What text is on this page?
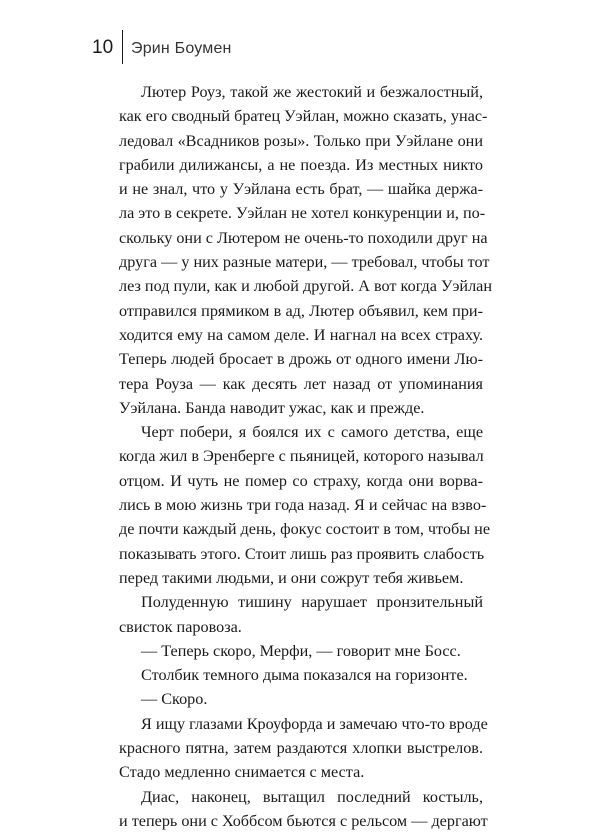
10 Эрин Боумен
Лютер Роуз, такой же жестокий и безжалостный,
как его сводный братец Уэйлан, можно сказать, унас-
ледовал «Всадников розы». Только при Уэйлане они
грабили дилижансы, а не поезда. Из местных никто
и не знал, что у Уэйлана есть брат, — шайка держа-
ла это в секрете. Уэйлан не хотел конкуренции и, по-
скольку они с Лютером не очень-то походили друг на
друга — у них разные матери, — требовал, чтобы тот
лез под пули, как и любой другой. А вот когда Уэйлан
отправился прямиком в ад, Лютер объявил, кем при-
ходится ему на самом деле. И нагнал на всех страху.
Теперь людей бросает в дрожь от одного имени Лю-
тера Роуза — как десять лет назад от упоминания
Уэйлана. Банда наводит ужас, как и прежде.
Черт побери, я боялся их с самого детства, еще
когда жил в Эренберге с пьяницей, которого называл
отцом. И чуть не помер со страху, когда они ворва-
лись в мою жизнь три года назад. Я и сейчас на взво-
де почти каждый день, фокус состоит в том, чтобы не
показывать этого. Стоит лишь раз проявить слабость
перед такими людьми, и они сожрут тебя живьем.
Полуденную тишину нарушает пронзительный
свисток паровоза.
— Теперь скоро, Мерфи, — говорит мне Босс.
Столбик темного дыма показался на горизонте.
— Скоро.
Я ищу глазами Кроуфорда и замечаю что-то вроде
красного пятна, затем раздаются хлопки выстрелов.
Стадо медленно снимается с места.
Диас, наконец, вытащил последний костыль,
и теперь они с Хоббсом бьются с рельсом — дергают
